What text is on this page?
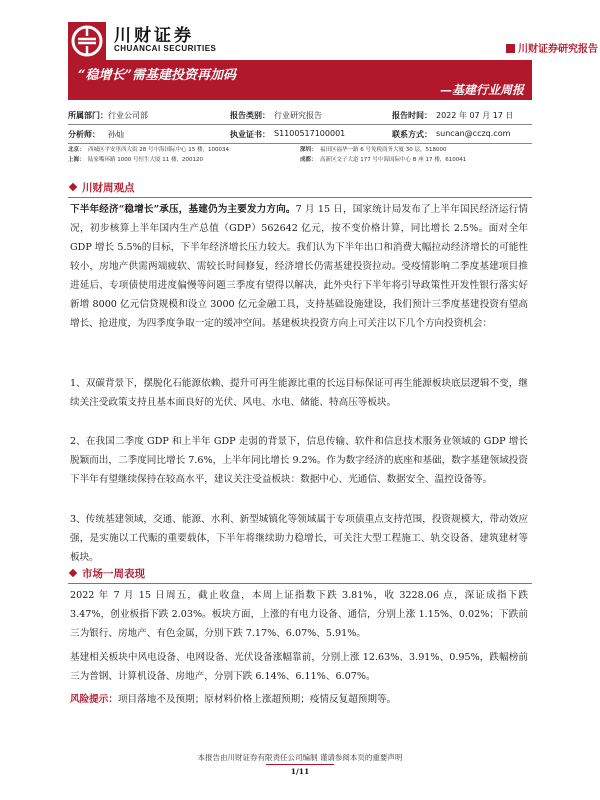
川财证券
CHUANCAI SECURITIES	川财证券研究报告
“稳增长”需基建投资再加码
—基建行业周报
所属部门： 行业公司部	报告类别： 行业研究报告	报告时间： 2022 年 07 月 17 日
分析师： 孙灿	执业证书： S1100517100001	联系方式： suncan@cczq.com
北京： 西城区平安里西大街 28 号中海国际中心 15 楼，100034	深圳： 福田区福华一路 6 号免税商务大厦 30 层，518000
上海： 陆家嘴环路 1000 号恒生大厦 11 楼，200120	成都： 高新区交子大道 177 号中海国际中心 B 座 17 楼，610041
川财周观点
下半年经济“稳增长”承压，基建仍为主要发力方向。7 月 15 日，国家统计局发布了上半年国民经济运行情况，初步核算上半年国内生产总值（GDP）562642 亿元，按不变价格计算，同比增长 2.5%。面对全年 GDP 增长 5.5%的目标，下半年经济增长压力较大。我们认为下半年出口和消费大幅拉动经济增长的可能性较小，房地产供需两端疲软、需较长时间修复，经济增长仍需基建投资拉动。受疫情影响二季度基建项目推进延后、专项债使用进度偏慢等问题三季度有望得以解决，此外央行下半年将引导政策性开发性银行落实好新增 8000 亿元信贷规模和设立 3000 亿元金融工具，支持基础设施建设，我们预计三季度基建投资有望高增长、抢进度，为四季度争取一定的缓冲空间。基建板块投资方向上可关注以下几个方向投资机会：
1、双碳背景下，摆脱化石能源依赖、提升可再生能源比重的长远目标保证可再生能源板块底层逻辑不变，继续关注受政策支持且基本面良好的光伏、风电、水电、储能、特高压等板块。
2、在我国二季度 GDP 和上半年 GDP 走弱的背景下，信息传输、软件和信息技术服务业领域的 GDP 增长脱颖而出，二季度同比增长 7.6%，上半年同比增长 9.2%。作为数字经济的底座和基础，数字基建领域投资下半年有望继续保持在较高水平，建议关注受益板块：数据中心、光通信、数据安全、温控设备等。
3、传统基建领域，交通、能源、水利、新型城镇化等领域属于专项债重点支持范围，投资规模大，带动效应强，是实施以工代赈的重要载体，下半年将继续助力稳增长，可关注大型工程施工、轨交设备、建筑建材等板块。
市场一周表现
2022 年 7 月 15 日周五，截止收盘，本周上证指数下跌 3.81%，收 3228.06 点，深证成指下跌 3.47%，创业板指下跌 2.03%。板块方面，上涨的有电力设备、通信，分别上涨 1.15%、0.02%；下跌前三为银行、房地产、有色金属，分别下跌 7.17%、6.07%、5.91%。
基建相关板块中风电设备、电网设备、光伏设备涨幅靠前，分别上涨 12.63%、3.91%、0.95%，跌幅榜前三为普钢、计算机设备、房地产，分别下跌 6.14%、6.11%、6.07%。
风险提示：项目落地不及预期；原材料价格上涨超预期；疫情反复超预期等。
本报告由川财证券有限责任公司编制 谨请参阅本页的重要声明
1/11
